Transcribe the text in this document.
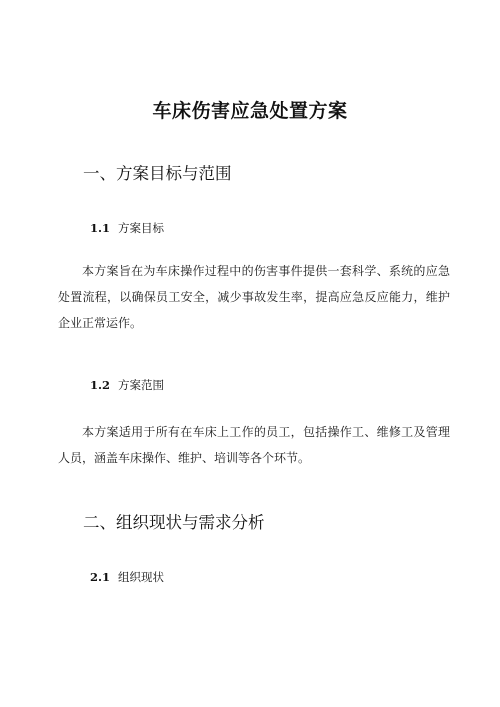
车床伤害应急处置方案
一、方案目标与范围
1.1 方案目标
本方案旨在为车床操作过程中的伤害事件提供一套科学、系统的应急处置流程，以确保员工安全，减少事故发生率，提高应急反应能力，维护企业正常运作。
1.2 方案范围
本方案适用于所有在车床上工作的员工，包括操作工、维修工及管理人员，涵盖车床操作、维护、培训等各个环节。
二、组织现状与需求分析
2.1 组织现状
